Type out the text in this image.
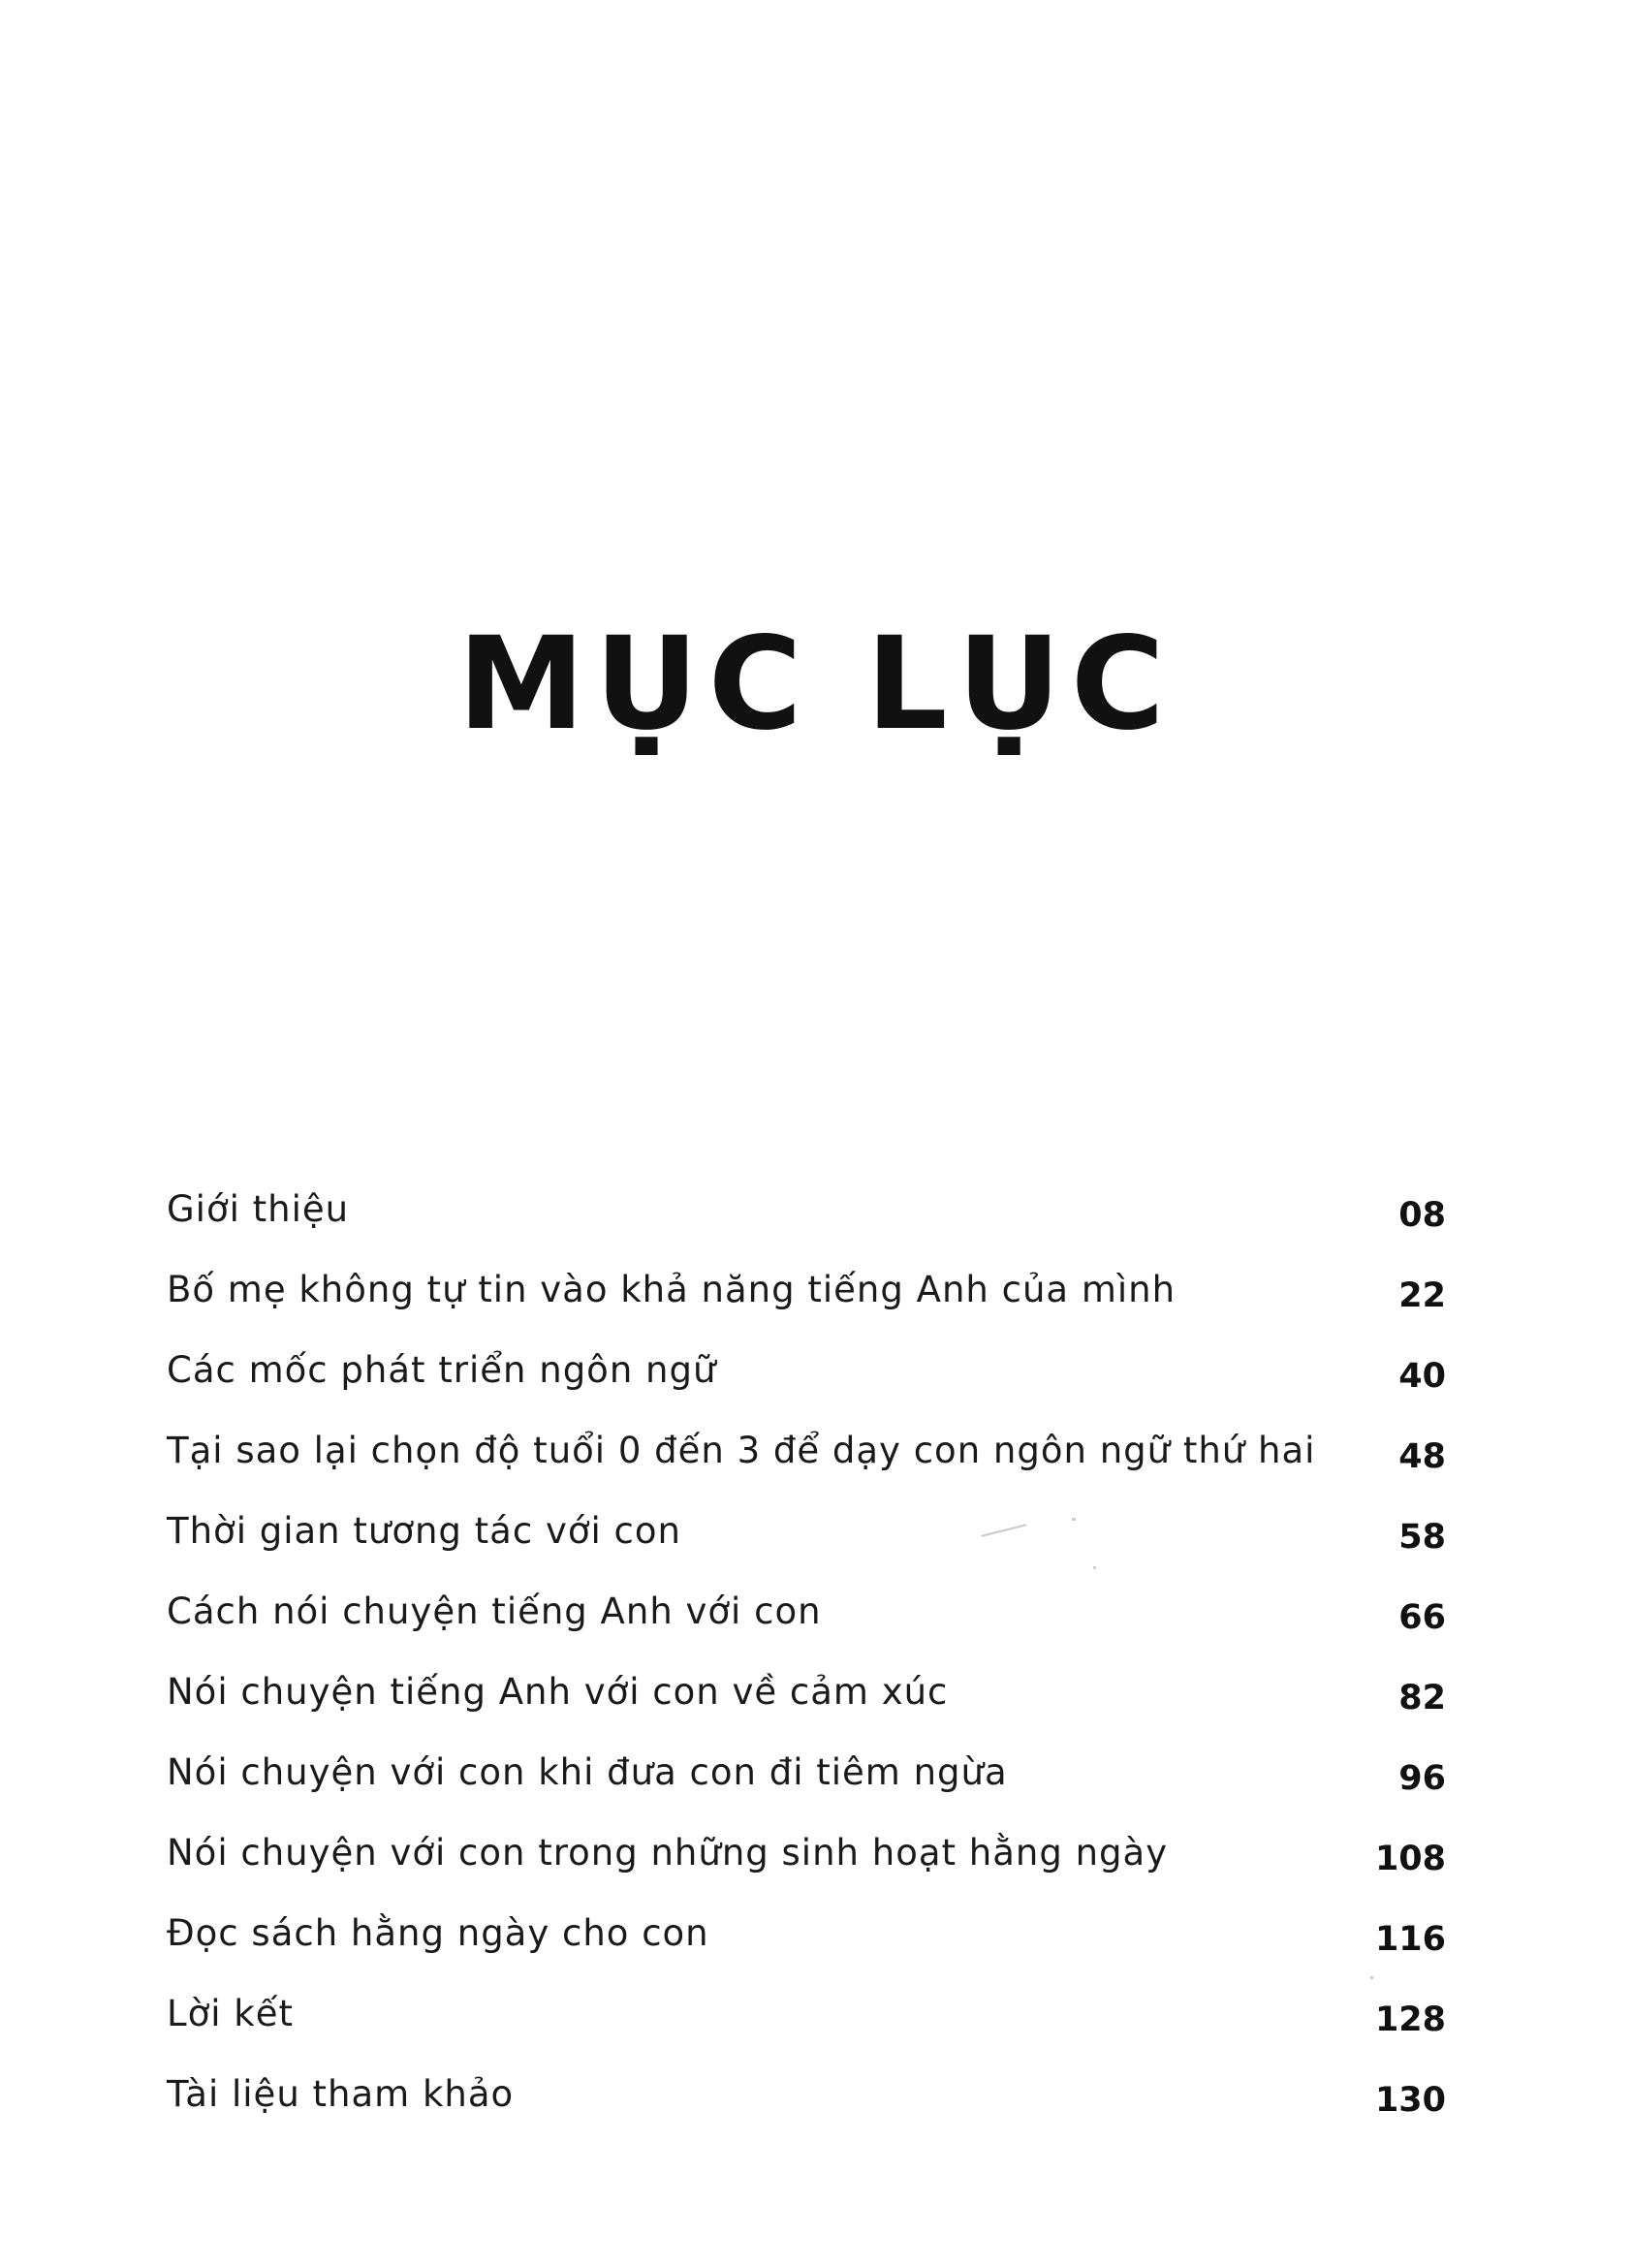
MỤC LỤC
Giới thiệu	08
Bố mẹ không tự tin vào khả năng tiếng Anh của mình	22
Các mốc phát triển ngôn ngữ	40
Tại sao lại chọn độ tuổi 0 đến 3 để dạy con ngôn ngữ thứ hai 48
Thời gian tương tác với con	58
Cách nói chuyện tiếng Anh với con	66
Nói chuyện tiếng Anh với con về cảm xúc	82
Nói chuyện với con khi đưa con đi tiêm ngừa	96
Nói chuyện với con trong những sinh hoạt hằng ngày	108
Đọc sách hằng ngày cho con	116
Lời kết	128
Tài liệu tham khảo	130
